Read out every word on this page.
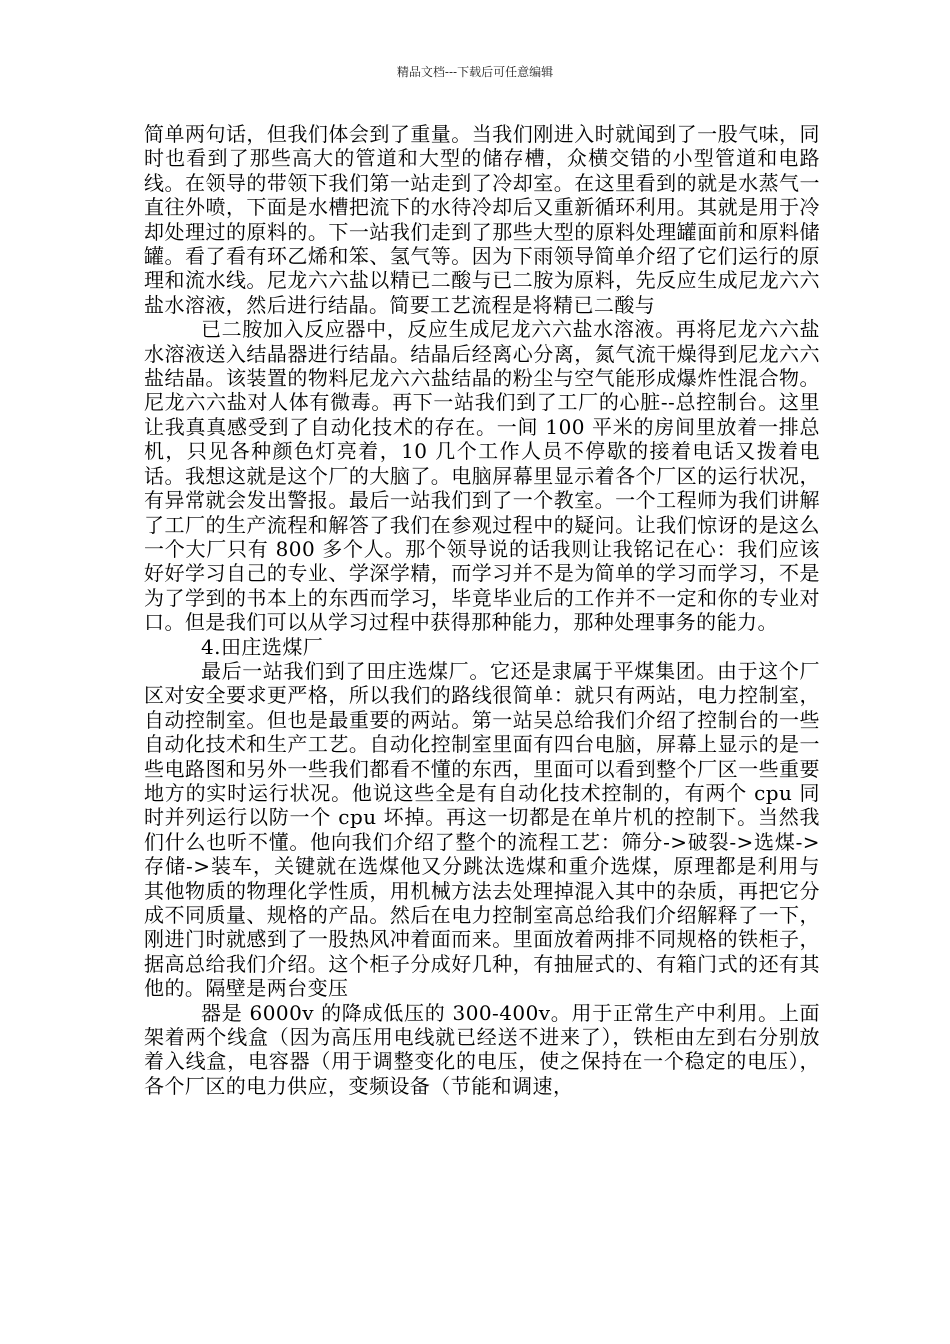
精品文档---下载后可任意编辑

简单两句话，但我们体会到了重量。当我们刚进入时就闻到了一股气味，同时也看到了那些高大的管道和大型的储存槽，众横交错的小型管道和电路线。在领导的带领下我们第一站走到了冷却室。在这里看到的就是水蒸气一直往外喷，下面是水槽把流下的水待冷却后又重新循环利用。其就是用于冷却处理过的原料的。下一站我们走到了那些大型的原料处理罐面前和原料储罐。看了看有环乙烯和笨、氢气等。因为下雨领导简单介绍了它们运行的原理和流水线。尼龙六六盐以精已二酸与已二胺为原料，先反应生成尼龙六六盐水溶液，然后进行结晶。简要工艺流程是将精已二酸与

已二胺加入反应器中，反应生成尼龙六六盐水溶液。再将尼龙六六盐水溶液送入结晶器进行结晶。结晶后经离心分离，氮气流干燥得到尼龙六六盐结晶。该装置的物料尼龙六六盐结晶的粉尘与空气能形成爆炸性混合物。尼龙六六盐对人体有微毒。再下一站我们到了工厂的心脏--总控制台。这里让我真真感受到了自动化技术的存在。一间 100 平米的房间里放着一排总机，只见各种颜色灯亮着，10 几个工作人员不停歇的接着电话又拨着电话。我想这就是这个厂的大脑了。电脑屏幕里显示着各个厂区的运行状况，有异常就会发出警报。最后一站我们到了一个教室。一个工程师为我们讲解了工厂的生产流程和解答了我们在参观过程中的疑问。让我们惊讶的是这么一个大厂只有 800 多个人。那个领导说的话我则让我铭记在心：我们应该好好学习自己的专业、学深学精，而学习并不是为简单的学习而学习，不是为了学到的书本上的东西而学习，毕竟毕业后的工作并不一定和你的专业对口。但是我们可以从学习过程中获得那种能力，那种处理事务的能力。

4.田庄选煤厂

最后一站我们到了田庄选煤厂。它还是隶属于平煤集团。由于这个厂区对安全要求更严格，所以我们的路线很简单：就只有两站，电力控制室，自动控制室。但也是最重要的两站。第一站吴总给我们介绍了控制台的一些自动化技术和生产工艺。自动化控制室里面有四台电脑，屏幕上显示的是一些电路图和另外一些我们都看不懂的东西，里面可以看到整个厂区一些重要地方的实时运行状况。他说这些全是有自动化技术控制的，有两个 cpu 同时并列运行以防一个 cpu 坏掉。再这一切都是在单片机的控制下。当然我们什么也听不懂。他向我们介绍了整个的流程工艺：筛分->破裂->选煤->存储->装车，关键就在选煤他又分跳汰选煤和重介选煤，原理都是利用与其他物质的物理化学性质，用机械方法去处理掉混入其中的杂质，再把它分成不同质量、规格的产品。然后在电力控制室高总给我们介绍解释了一下，刚进门时就感到了一股热风冲着面而来。里面放着两排不同规格的铁柜子，据高总给我们介绍。这个柜子分成好几种，有抽屉式的、有箱门式的还有其他的。隔壁是两台变压

器是 6000v 的降成低压的 300-400v。用于正常生产中利用。上面架着两个线盒（因为高压用电线就已经送不进来了），铁柜由左到右分别放着入线盒，电容器（用于调整变化的电压，使之保持在一个稳定的电压），各个厂区的电力供应，变频设备（节能和调速，
